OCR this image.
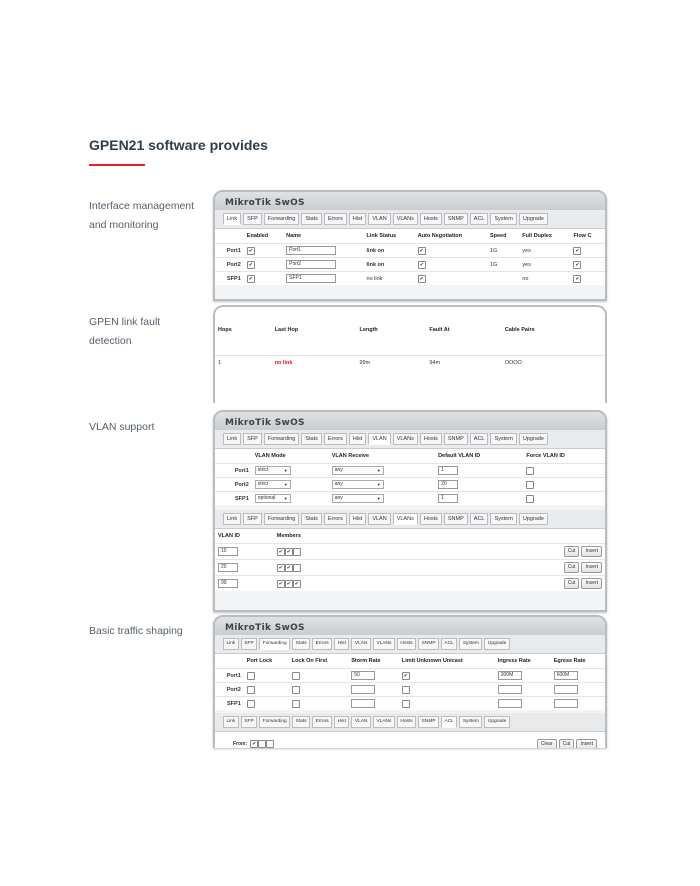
GPEN21 software provides
Interface management and monitoring
MikroTik SwOS
Link	SFP	Forwarding	Stats	Errors	Hist	VLAN	VLANs	Hosts	SNMP	ACL	System	Upgrade
	Enabled	Name	Link Status	Auto Negotiation	Speed	Full Duplex	Flow C
Port1	✔	Port1	link on	✔	1G	yes	✔
Port2	✔	Port2	link on	✔	1G	yes	✔
SFP1	✔	SFP1	no link	✔		no	✔
GPEN link fault detection
Hops	Last Hop	Length	Fault At	Cable Pairs

1	no link	99m	94m	OOOO
VLAN support	MikroTik SwOS
Link	SFP	Forwarding	Stats	Errors	Hist	VLAN	VLANs	Hosts	SNMP	ACL	System	Upgrade
	VLAN Mode	VLAN Receive	Default VLAN ID	Force VLAN ID
Port1	strict ▼	any ▼	1	
Port2	strict ▼	any ▼	20	
SFP1	optional ▼	any ▼	1	
Link	SFP	Forwarding	Stats	Errors	Hist	VLAN	VLANs	Hosts	SNMP	ACL	System	Upgrade
VLAN ID	Members	
10	✔ ✔	Cut Insert
20	✔ ✔	Cut Insert
99	✔ ✔ ✔	Cut Insert
Basic traffic shaping	MikroTik SwOS
Link	SFP	Forwarding	Stats	Errors	Hist	VLAN	VLANs	Hosts	SNMP	ACL	System	Upgrade
	Port Lock	Lock On First	Storm Rate	Limit Unknown Unicast	Ingress Rate	Egress Rate
Port1			50	✔	300M	600M
Port2						
SFP1						
Link	SFP	Forwarding	Stats	Errors	Hist	VLAN	VLANs	Hosts	SNMP	ACL	System	Upgrade
From: ✔	Clear	Cut	Insert
